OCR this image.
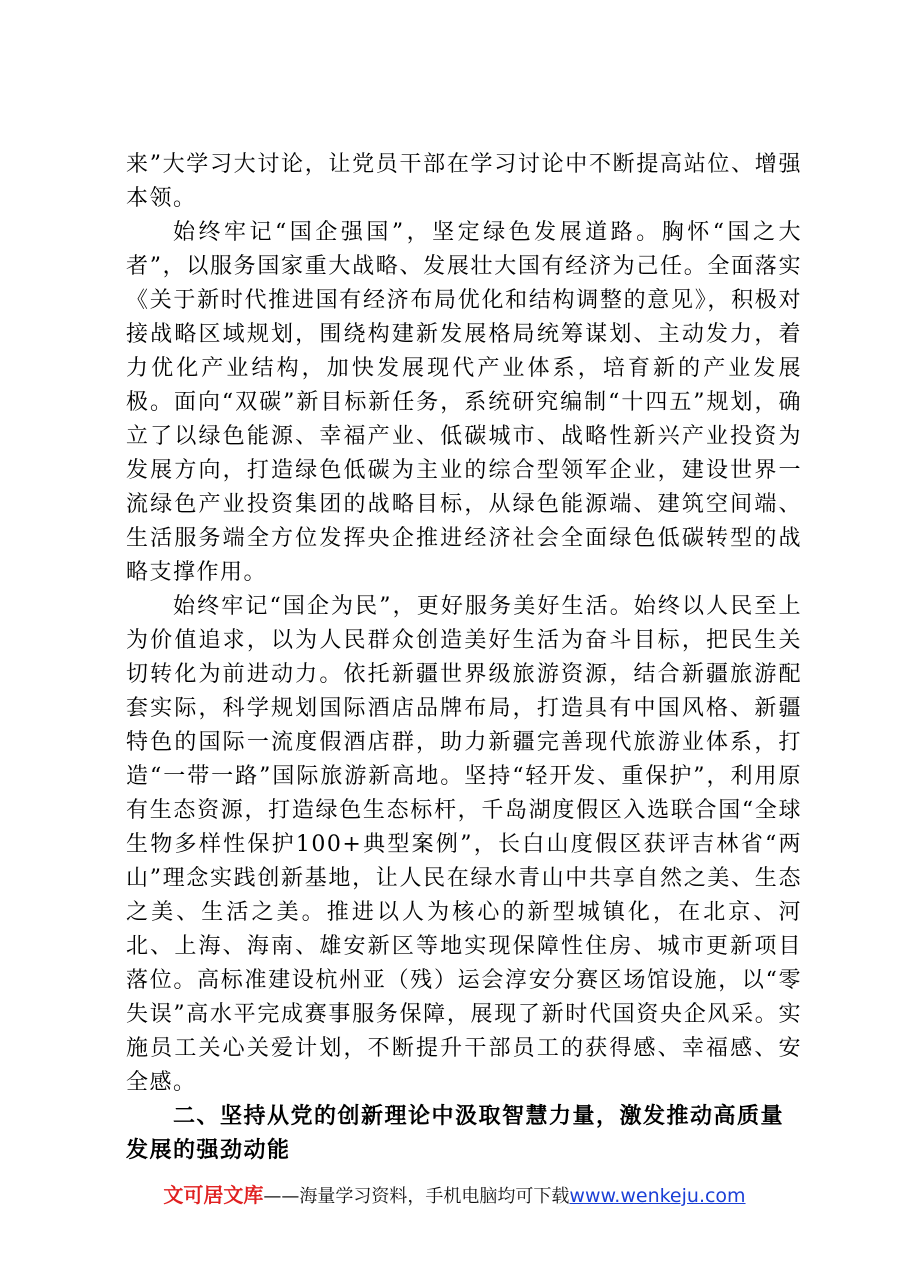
来”大学习大讨论，让党员干部在学习讨论中不断提高站位、增强本领。

始终牢记“国企强国”，坚定绿色发展道路。胸怀“国之大者”，以服务国家重大战略、发展壮大国有经济为己任。全面落实《关于新时代推进国有经济布局优化和结构调整的意见》，积极对接战略区域规划，围绕构建新发展格局统筹谋划、主动发力，着力优化产业结构，加快发展现代产业体系，培育新的产业发展极。面向“双碳”新目标新任务，系统研究编制“十四五”规划，确立了以绿色能源、幸福产业、低碳城市、战略性新兴产业投资为发展方向，打造绿色低碳为主业的综合型领军企业，建设世界一流绿色产业投资集团的战略目标，从绿色能源端、建筑空间端、生活服务端全方位发挥央企推进经济社会全面绿色低碳转型的战略支撑作用。

始终牢记“国企为民”，更好服务美好生活。始终以人民至上为价值追求，以为人民群众创造美好生活为奋斗目标，把民生关切转化为前进动力。依托新疆世界级旅游资源，结合新疆旅游配套实际，科学规划国际酒店品牌布局，打造具有中国风格、新疆特色的国际一流度假酒店群，助力新疆完善现代旅游业体系，打造“一带一路”国际旅游新高地。坚持“轻开发、重保护”，利用原有生态资源，打造绿色生态标杆，千岛湖度假区入选联合国“全球生物多样性保护100+典型案例”，长白山度假区获评吉林省“两山”理念实践创新基地，让人民在绿水青山中共享自然之美、生态之美、生活之美。推进以人为核心的新型城镇化，在北京、河北、上海、海南、雄安新区等地实现保障性住房、城市更新项目落位。高标准建设杭州亚（残）运会淳安分赛区场馆设施，以“零失误”高水平完成赛事服务保障，展现了新时代国资央企风采。实施员工关心关爱计划，不断提升干部员工的获得感、幸福感、安全感。

二、坚持从党的创新理论中汲取智慧力量，激发推动高质量发展的强劲动能

文可居文库——海量学习资料，手机电脑均可下载www.wenkeju.com
